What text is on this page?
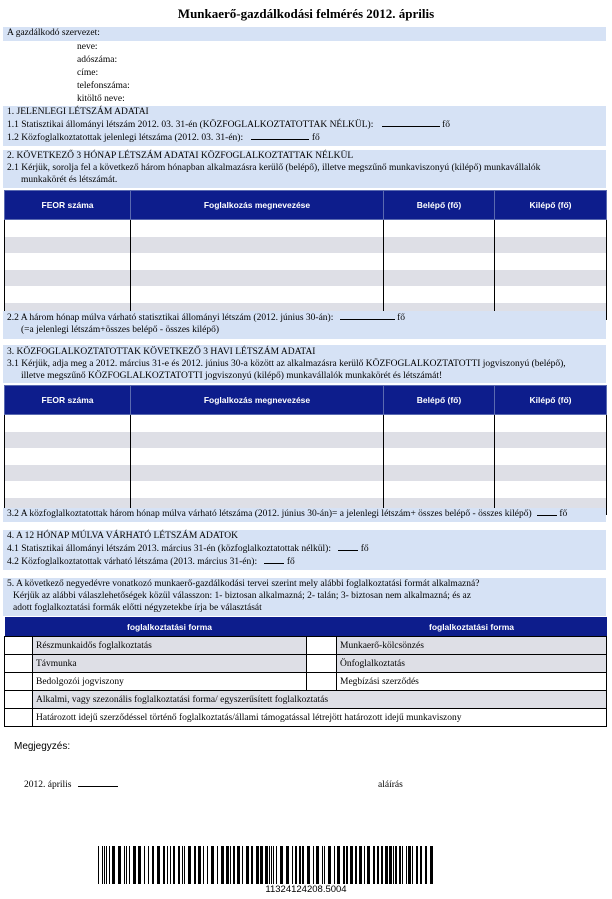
Munkaerő-gazdálkodási felmérés 2012. április
A gazdálkodó szervezet:
neve:
adószáma:
címe:
telefonszáma:
kitöltő neve:
1. JELENLEGI LÉTSZÁM ADATAI
1.1 Statisztikai állományi létszám 2012. 03. 31-én (KÖZFOGLALKOZTATOTTAK NÉLKÜL):	fő
1.2 Közfoglalkoztatottak jelenlegi létszáma (2012. 03. 31-én):	fő
2. KÖVETKEZŐ 3 HÓNAP LÉTSZÁM ADATAI KÖZFOGLALKOZTATTAK NÉLKÜL
2.1 Kérjük, sorolja fel a következő három hónapban alkalmazásra kerülő (belépő), illetve megszűnő munkaviszonyú (kilépő) munkavállalók
munkakörét és létszámát.
FEOR száma	Foglalkozás megnevezése	Belépő (fő)	Kilépő (fő)

2.2 A három hónap múlva várható statisztikai állományi létszám (2012. június 30-án):	fő
(=a jelenlegi létszám+összes belépő - összes kilépő)
3. KÖZFOGLALKOZTATOTTAK KÖVETKEZŐ 3 HAVI LÉTSZÁM ADATAI
3.1 Kérjük, adja meg a 2012. március 31-e és 2012. június 30-a között az alkalmazásra kerülő KÖZFOGLALKOZTATOTTI jogviszonyú (belépő),
illetve megszűnő KÖZFOGLALKOZTATOTTI jogviszonyú (kilépő) munkavállalók munkakörét és létszámát!
FEOR száma	Foglalkozás megnevezése	Belépő (fő)	Kilépő (fő)

3.2 A közfoglalkoztatottak három hónap múlva várható létszáma (2012. június 30-án)= a jelenlegi létszám+ összes belépő - összes kilépő)	fő
4. A 12 HÓNAP MÚLVA VÁRHATÓ LÉTSZÁM ADATOK
4.1 Statisztikai állományi létszám 2013. március 31-én (közfoglalkoztatottak nélkül):	fő
4.2 Közfoglalkoztatottak várható létszáma (2013. március 31-én):	fő
5. A következő negyedévre vonatkozó munkaerő-gazdálkodási tervei szerint mely alábbi foglalkoztatási formát alkalmazná?
Kérjük az alábbi válaszlehetőségek közül válasszon: 1- biztosan alkalmazná; 2- talán; 3- biztosan nem alkalmazná; és az
adott foglalkoztatási formák előtti négyzetekbe írja be választását
	foglalkoztatási forma		foglalkoztatási forma
	Részmunkaidős foglalkoztatás		Munkaerő-kölcsönzés
	Távmunka		Önfoglalkoztatás
	Bedolgozói jogviszony		Megbízási szerződés
	Alkalmi, vagy szezonális foglalkoztatási forma/ egyszerűsített foglalkoztatás		
	Határozott idejű szerződéssel történő foglalkoztatás/állami támogatással létrejött határozott idejű munkaviszony		
Megjegyzés:
2012. április	aláírás
11324124208.5004
